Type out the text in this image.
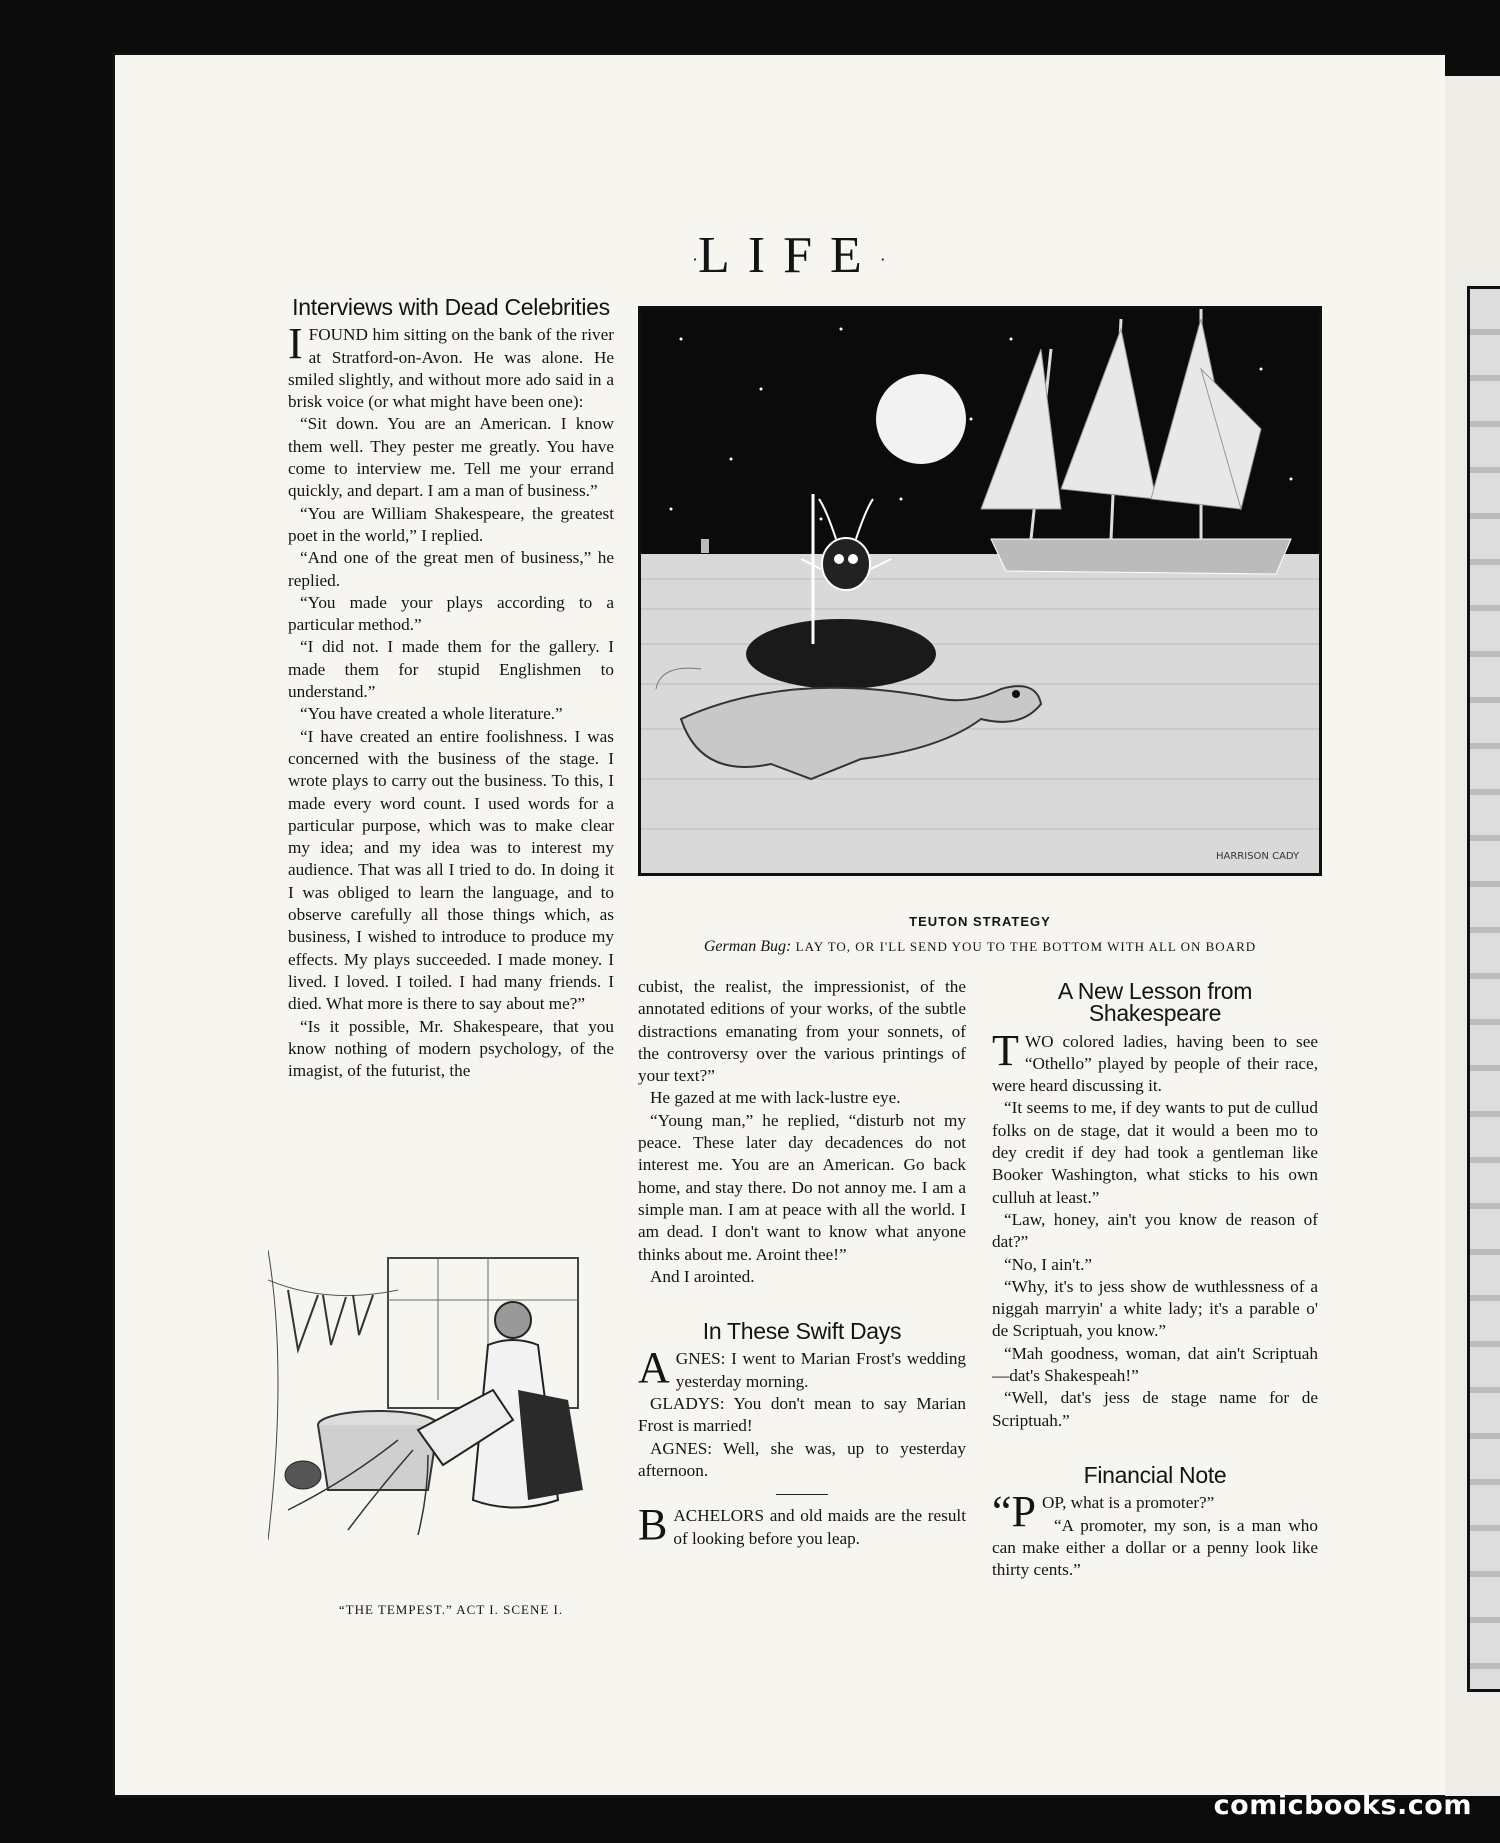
·LIFE·
Interviews with Dead Celebrities

IFOUND him sitting on the bank of the river at Stratford-on-Avon. He was alone. He smiled slightly, and without more ado said in a brisk voice (or what might have been one):

“Sit down. You are an American. I know them well. They pester me greatly. You have come to interview me. Tell me your errand quickly, and depart. I am a man of business.”

“You are William Shakespeare, the greatest poet in the world,” I replied.

“And one of the great men of business,” he replied.

“You made your plays according to a particular method.”

“I did not. I made them for the gallery. I made them for stupid Englishmen to understand.”

“You have created a whole literature.”

“I have created an entire foolishness. I was concerned with the business of the stage. I wrote plays to carry out the business. To this, I made every word count. I used words for a particular purpose, which was to make clear my idea; and my idea was to interest my audience. That was all I tried to do. In doing it I was obliged to learn the language, and to observe carefully all those things which, as business, I wished to introduce to produce my effects. My plays succeeded. I made money. I lived. I loved. I toiled. I had many friends. I died. What more is there to say about me?”

“Is it possible, Mr. Shakespeare, that you know nothing of modern psychology, of the imagist, of the futurist, the

“THE TEMPEST.” ACT I. SCENE I.
HARRISON CADY
TEUTON STRATEGY
German Bug: LAY TO, OR I'LL SEND YOU TO THE BOTTOM WITH ALL ON BOARD

cubist, the realist, the impressionist, of the annotated editions of your works, of the subtle distractions emanating from your sonnets, of the controversy over the various printings of your text?”

He gazed at me with lack-lustre eye.

“Young man,” he replied, “disturb not my peace. These later day decadences do not interest me. You are an American. Go back home, and stay there. Do not annoy me. I am a simple man. I am at peace with all the world. I am dead. I don't want to know what anyone thinks about me. Aroint thee!”

And I arointed.

In These Swift Days

AGNES: I went to Marian Frost's wedding yesterday morning.

GLADYS: You don't mean to say Marian Frost is married!

AGNES: Well, she was, up to yesterday afternoon.

BACHELORS and old maids are the result of looking before you leap.

A New Lesson from Shakespeare

TWO colored ladies, having been to see “Othello” played by people of their race, were heard discussing it.

“It seems to me, if dey wants to put de cullud folks on de stage, dat it would a been mo to dey credit if dey had took a gentleman like Booker Washington, what sticks to his own culluh at least.”

“Law, honey, ain't you know de reason of dat?”

“No, I ain't.”

“Why, it's to jess show de wuthlessness of a niggah marryin' a white lady; it's a parable o' de Scriptuah, you know.”

“Mah goodness, woman, dat ain't Scriptuah—dat's Shakespeah!”

“Well, dat's jess de stage name for de Scriptuah.”

Financial Note

“POP, what is a promoter?”

“A promoter, my son, is a man who can make either a dollar or a penny look like thirty cents.”

comicbooks.com
